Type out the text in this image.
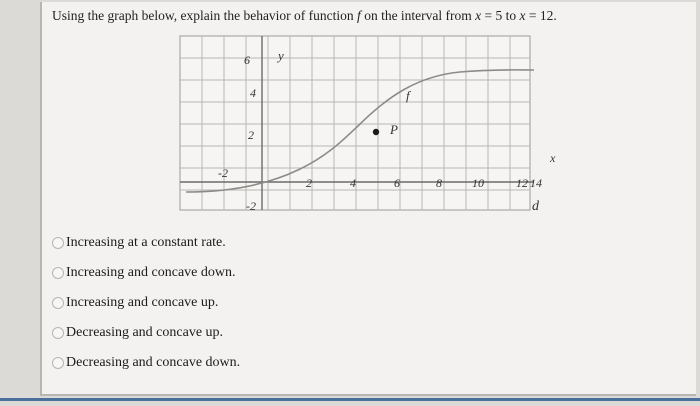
Using the graph below, explain the behavior of function f on the interval from x = 5 to x = 12.
P
f
y
x
6
4
2
-2
-2
2	4	6	8	10	12 14
d
Increasing at a constant rate.
Increasing and concave down.
Increasing and concave up.
Decreasing and concave up.
Decreasing and concave down.
